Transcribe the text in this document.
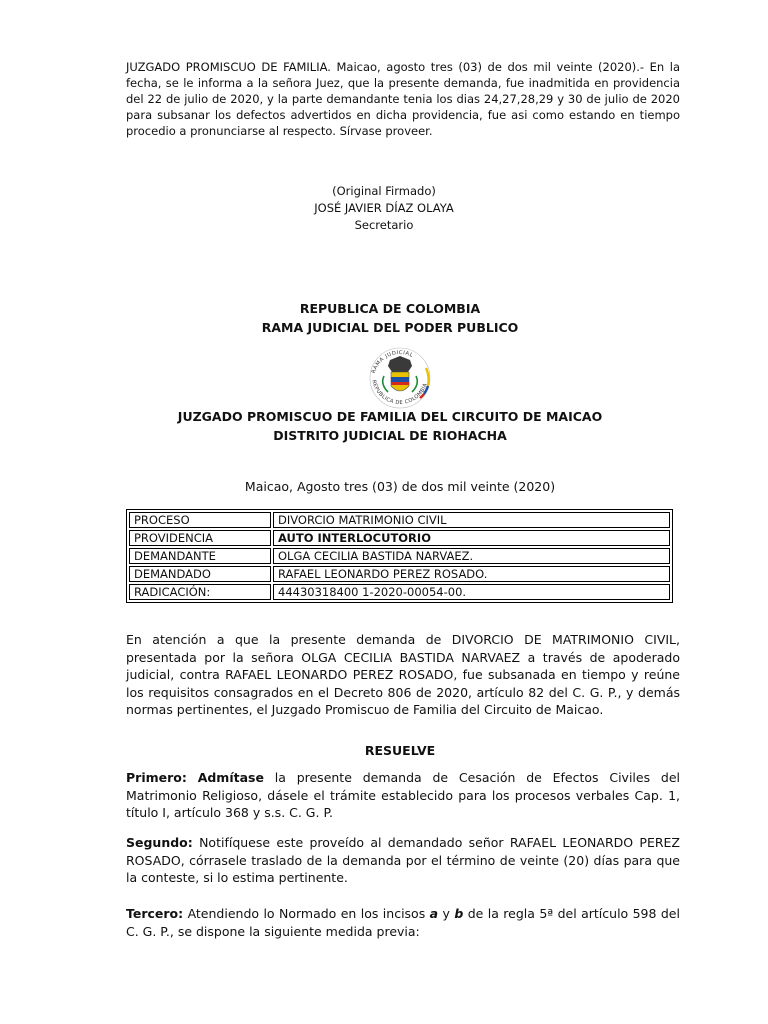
JUZGADO PROMISCUO DE FAMILIA. Maicao, agosto tres (03) de dos mil veinte (2020).- En la fecha, se le informa a la señora Juez, que la presente demanda, fue inadmitida en providencia del 22 de julio de 2020, y la parte demandante tenia los dias 24,27,28,29 y 30 de julio de 2020 para subsanar los defectos advertidos en dicha providencia, fue asi como estando en tiempo procedio a pronunciarse al respecto. Sírvase proveer.

(Original Firmado)
JOSÉ JAVIER DÍAZ OLAYA
Secretario
REPUBLICA DE COLOMBIA
RAMA JUDICIAL DEL PODER PUBLICO
RAMA JUDICIAL
REPUBLICA DE COLOMBIA
JUZGADO PROMISCUO DE FAMILIA DEL CIRCUITO DE MAICAO
DISTRITO JUDICIAL DE RIOHACHA
Maicao, Agosto tres (03) de dos mil veinte (2020)
PROCESO	DIVORCIO MATRIMONIO CIVIL
PROVIDENCIA	AUTO INTERLOCUTORIO
DEMANDANTE	OLGA CECILIA BASTIDA NARVAEZ.
DEMANDADO	RAFAEL LEONARDO PEREZ ROSADO.
RADICACIÓN:	44430318400 1-2020-00054-00.

En atención a que la presente demanda de DIVORCIO DE MATRIMONIO CIVIL, presentada por la señora OLGA CECILIA BASTIDA NARVAEZ a través de apoderado judicial, contra RAFAEL LEONARDO PEREZ ROSADO, fue subsanada en tiempo y reúne los requisitos consagrados en el Decreto 806 de 2020, artículo 82 del C. G. P., y demás normas pertinentes, el Juzgado Promiscuo de Familia del Circuito de Maicao.

RESUELVE

Primero: Admítase la presente demanda de Cesación de Efectos Civiles del Matrimonio Religioso, dásele el trámite establecido para los procesos verbales Cap. 1, título I, artículo 368 y s.s. C. G. P.

Segundo: Notifíquese este proveído al demandado señor RAFAEL LEONARDO PEREZ ROSADO, córrasele traslado de la demanda por el término de veinte (20) días para que la conteste, si lo estima pertinente.

Tercero: Atendiendo lo Normado en los incisos a y b de la regla 5ª del artículo 598 del C. G. P., se dispone la siguiente medida previa:
